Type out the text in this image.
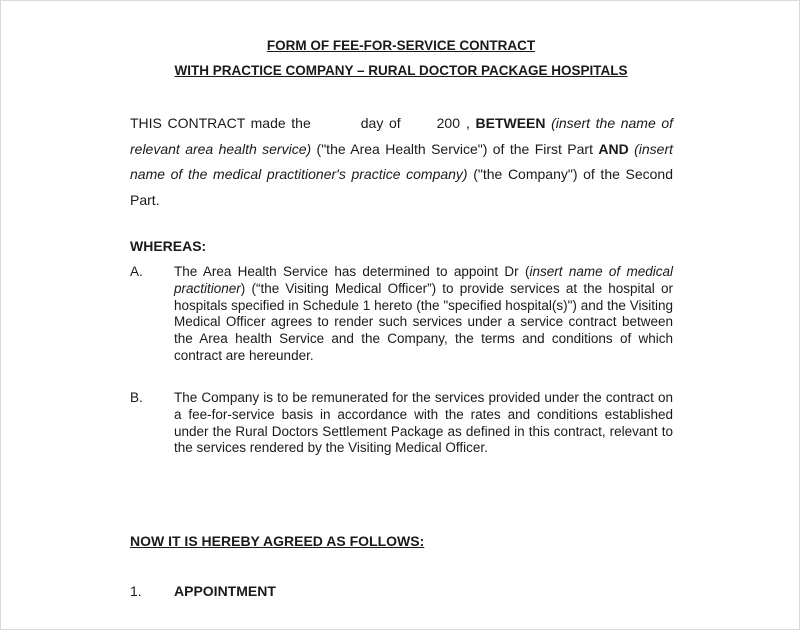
FORM OF FEE-FOR-SERVICE CONTRACT
WITH PRACTICE COMPANY – RURAL DOCTOR PACKAGE HOSPITALS
THIS CONTRACT made the	day of	200 , BETWEEN (insert the name of relevant area health service) ("the Area Health Service") of the First Part AND (insert name of the medical practitioner's practice company) ("the Company") of the Second Part.
WHEREAS:
A. The Area Health Service has determined to appoint Dr (insert name of medical practitioner) (“the Visiting Medical Officer”) to provide services at the hospital or hospitals specified in Schedule 1 hereto (the "specified hospital(s)") and the Visiting Medical Officer agrees to render such services under a service contract between the Area health Service and the Company, the terms and conditions of which contract are hereunder.
B. The Company is to be remunerated for the services provided under the contract on a fee-for-service basis in accordance with the rates and conditions established under the Rural Doctors Settlement Package as defined in this contract, relevant to the services rendered by the Visiting Medical Officer.
NOW IT IS HEREBY AGREED AS FOLLOWS:
1. APPOINTMENT
